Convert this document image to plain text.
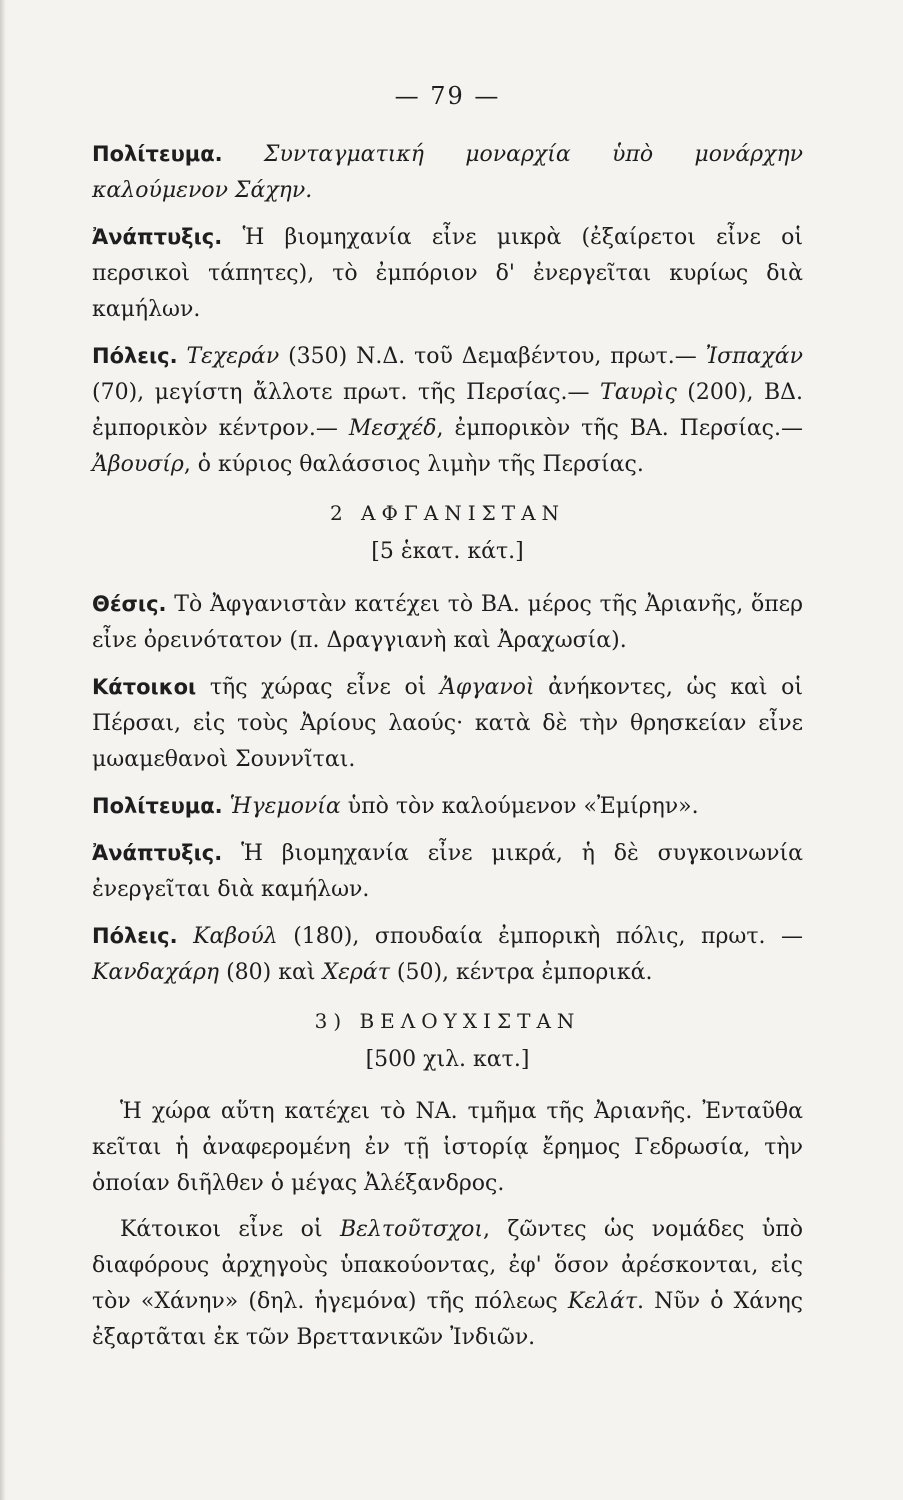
— 79 —

Πολίτευμα. Συνταγματική μοναρχία ὑπὸ μονάρχην καλούμενον Σάχην.

Ἀνάπτυξις. Ἡ βιομηχανία εἶνε μικρὰ (ἐξαίρετοι εἶνε οἱ περσικοὶ τάπητες), τὸ ἐμπόριον δ' ἐνεργεῖται κυρίως διὰ καμήλων.

Πόλεις. Τεχεράν (350) Ν.Δ. τοῦ Δεμαβέντου, πρωτ.— Ἰσπαχάν (70), μεγίστη ἄλλοτε πρωτ. τῆς Περσίας.— Ταυρὶς (200), ΒΔ. ἐμπορικὸν κέντρον.— Μεσχέδ, ἐμπορικὸν τῆς ΒΑ. Περσίας.— Ἀβουσίρ, ὁ κύριος θαλάσσιος λιμὴν τῆς Περσίας.

2 ΑΦΓΑΝΙΣΤΑΝ
[5 ἑκατ. κάτ.]

Θέσις. Τὸ Ἀφγανιστὰν κατέχει τὸ ΒΑ. μέρος τῆς Ἀριανῆς, ὅπερ εἶνε ὀρεινότατον (π. Δραγγιανὴ καὶ Ἀραχωσία).

Κάτοικοι τῆς χώρας εἶνε οἱ Ἀφγανοὶ ἀνήκοντες, ὡς καὶ οἱ Πέρσαι, εἰς τοὺς Ἀρίους λαούς· κατὰ δὲ τὴν θρησκείαν εἶνε μωαμεθανοὶ Σουννῖται.

Πολίτευμα. Ἡγεμονία ὑπὸ τὸν καλούμενον «Ἐμίρην».

Ἀνάπτυξις. Ἡ βιομηχανία εἶνε μικρά, ἡ δὲ συγκοινωνία ἐνεργεῖται διὰ καμήλων.

Πόλεις. Καβούλ (180), σπουδαία ἐμπορικὴ πόλις, πρωτ. —Κανδαχάρη (80) καὶ Χεράτ (50), κέντρα ἐμπορικά.

3) ΒΕΛΟΥΧΙΣΤΑΝ
[500 χιλ. κατ.]

Ἡ χώρα αὕτη κατέχει τὸ ΝΑ. τμῆμα τῆς Ἀριανῆς. Ἐνταῦθα κεῖται ἡ ἀναφερομένη ἐν τῇ ἱστορίᾳ ἔρημος Γεδρωσία, τὴν ὁποίαν διῆλθεν ὁ μέγας Ἀλέξανδρος.

Κάτοικοι εἶνε οἱ Βελτοῦτσχοι, ζῶντες ὡς νομάδες ὑπὸ διαφόρους ἀρχηγοὺς ὑπακούοντας, ἐφ' ὅσον ἀρέσκονται, εἰς τὸν «Χάνην» (δηλ. ἡγεμόνα) τῆς πόλεως Κελάτ. Νῦν ὁ Χάνης ἐξαρτᾶται ἐκ τῶν Βρεττανικῶν Ἰνδιῶν.
